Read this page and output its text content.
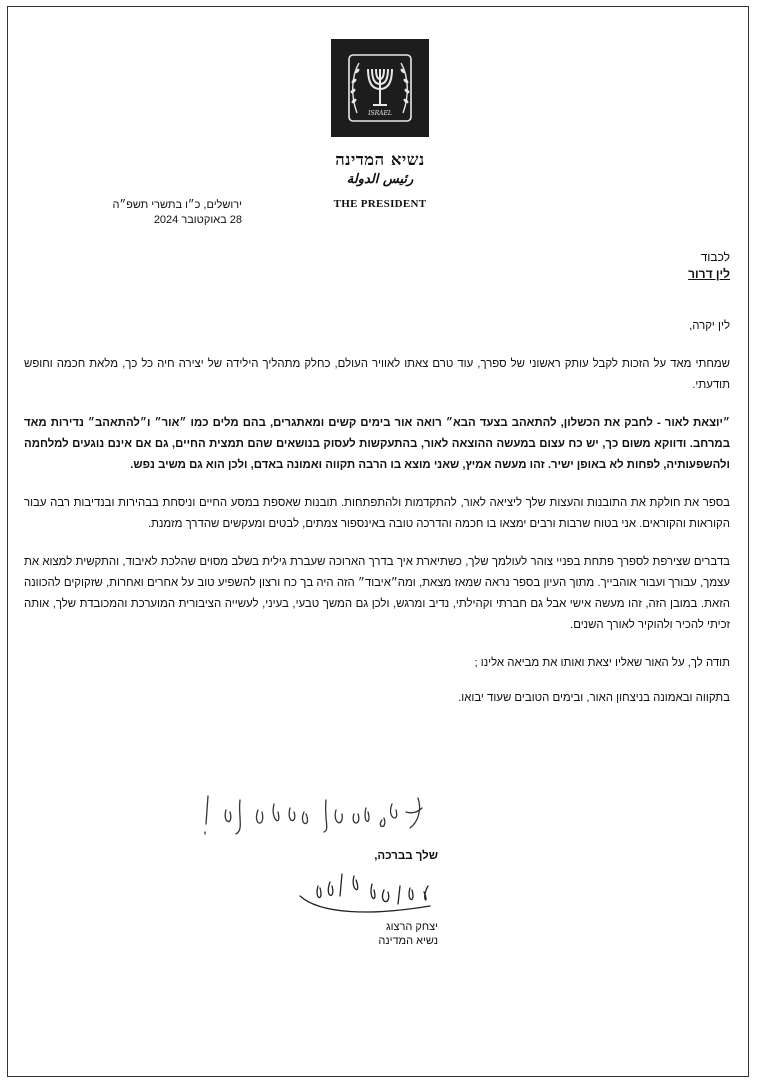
ISRAEL
נשיא המדינה
رئيس الدولة
THE PRESIDENT
ירושלים, כ״ו בתשרי תשפ״ה
28 באוקטובר 2024
לכבוד
לין דרור

לין יקרה,

שמחתי מאד על הזכות לקבל עותק ראשוני של ספרך, עוד טרם צאתו לאוויר העולם, כחלק מתהליך הילידה של יצירה חיה כל כך, מלאת חכמה וחופש תודעתי.

״יוצאת לאור - לחבק את הכשלון, להתאהב בצעד הבא״ רואה אור בימים קשים ומאתגרים, בהם מלים כמו ״אור״ ו״להתאהב״ נדירות מאד במרחב. ודווקא משום כך, יש כח עצום במעשה ההוצאה לאור, בהתעקשות לעסוק בנושאים שהם תמצית החיים, גם אם אינם נוגעים למלחמה ולהשפעותיה, לפחות לא באופן ישיר. זהו מעשה אמיץ, שאני מוצא בו הרבה תקווה ואמונה באדם, ולכן הוא גם משיב נפש.

בספר את חולקת את התובנות והעצות שלך ליציאה לאור, להתקדמות ולהתפתחות. תובנות שאספת במסע החיים וניסחת בבהירות ובנדיבות רבה עבור הקוראות והקוראים. אני בטוח שרבות ורבים ימצאו בו חכמה והדרכה טובה באינספור צמתים, לבטים ומעקשים שהדרך מזמנת.

בדברים שצירפת לספרך פתחת בפניי צוהר לעולמך שלך, כשתיארת איך בדרך הארוכה שעברת גילית בשלב מסוים שהלכת לאיבוד, והתקשית למצוא את עצמך, עבורך ועבור אוהבייך. מתוך העיון בספר נראה שמאז מצאת, ומה״איבוד״ הזה היה בך כח ורצון להשפיע טוב על אחרים ואחרות, שזקוקים להכוונה הזאת. במובן הזה, זהו מעשה אישי אבל גם חברתי וקהילתי, נדיב ומרגש, ולכן גם המשך טבעי, בעיני, לעשייה הציבורית המוערכת והמכובדת שלך, אותה זכיתי להכיר ולהוקיר לאורך השנים.

תודה לך, על האור שאליו יצאת ואותו את מביאה אלינו ;

בתקווה ובאמונה בניצחון האור, ובימים הטובים שעוד יבואו.

שלך בברכה,
יצחק הרצוג
נשיא המדינה
